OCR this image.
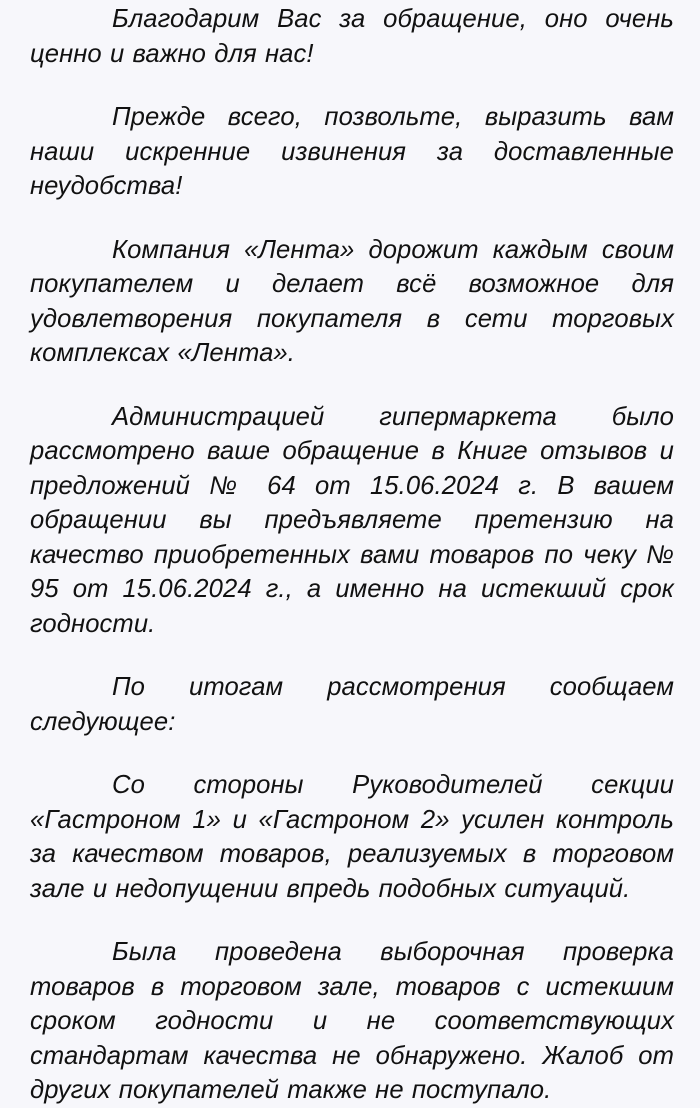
Благодарим Вас за обращение, оно очень ценно и важно для нас!

Прежде всего, позвольте, выразить вам наши искренние извинения за доставленные неудобства!

Компания «Лента» дорожит каждым своим покупателем и делает всё возможное для удовлетворения покупателя в сети торговых комплексах «Лента».

Администрацией гипермаркета было рассмотрено ваше обращение в Книге отзывов и предложений № 64 от 15.06.2024 г. В вашем обращении вы предъявляете претензию на качество приобретенных вами товаров по чеку № 95 от 15.06.2024 г., а именно на истекший срок годности.

По итогам рассмотрения сообщаем следующее:

Со стороны Руководителей секции «Гастроном 1» и «Гастроном 2» усилен контроль за качеством товаров, реализуемых в торговом зале и недопущении впредь подобных ситуаций.

Была проведена выборочная проверка товаров в торговом зале, товаров с истекшим сроком годности и не соответствующих стандартам качества не обнаружено. Жалоб от других покупателей также не поступало.
